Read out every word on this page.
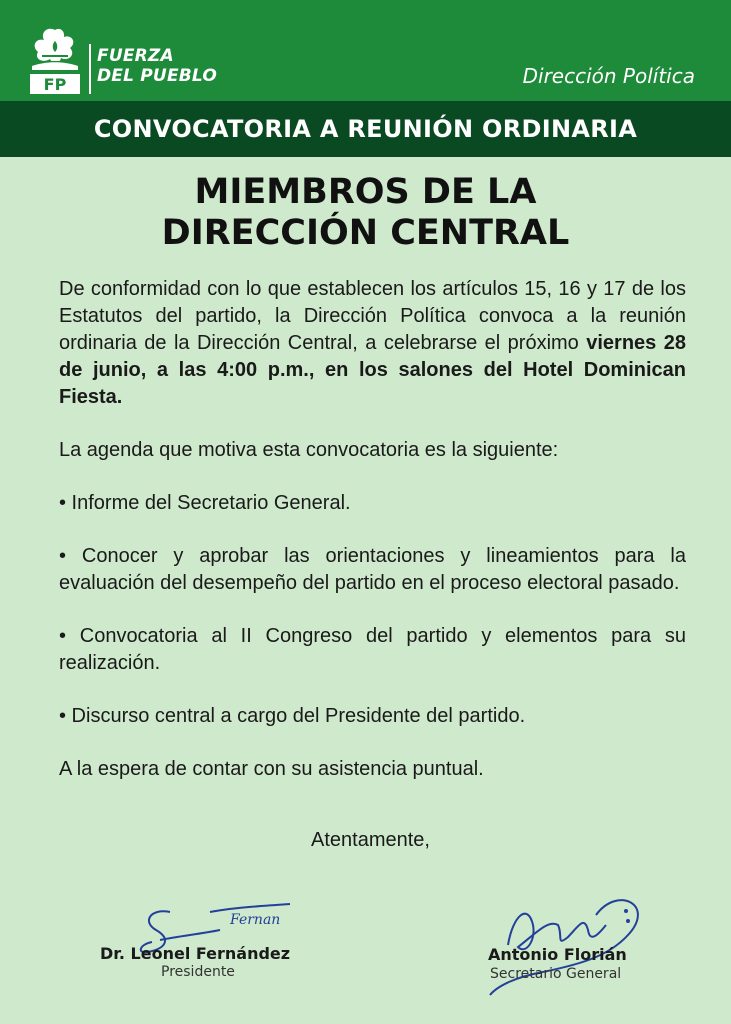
FP
FUERZA
DEL PUEBLO	Dirección Política
CONVOCATORIA A REUNIÓN ORDINARIA
MIEMBROS DE LA
DIRECCIÓN CENTRAL

De conformidad con lo que establecen los artículos 15, 16 y 17 de los Estatutos del partido, la Dirección Política convoca a la reunión ordinaria de la Dirección Central, a celebrarse el próximo viernes 28 de junio, a las 4:00 p.m., en los salones del Hotel Dominican Fiesta.

La agenda que motiva esta convocatoria es la siguiente:

• Informe del Secretario General.

• Conocer y aprobar las orientaciones y lineamientos para la evaluación del desempeño del partido en el proceso electoral pasado.

• Convocatoria al II Congreso del partido y elementos para su realización.

• Discurso central a cargo del Presidente del partido.

A la espera de contar con su asistencia puntual.

Atentamente,
Fernan
Dr. Leonel Fernández
Presidente
Antonio Florián
Secretario General
